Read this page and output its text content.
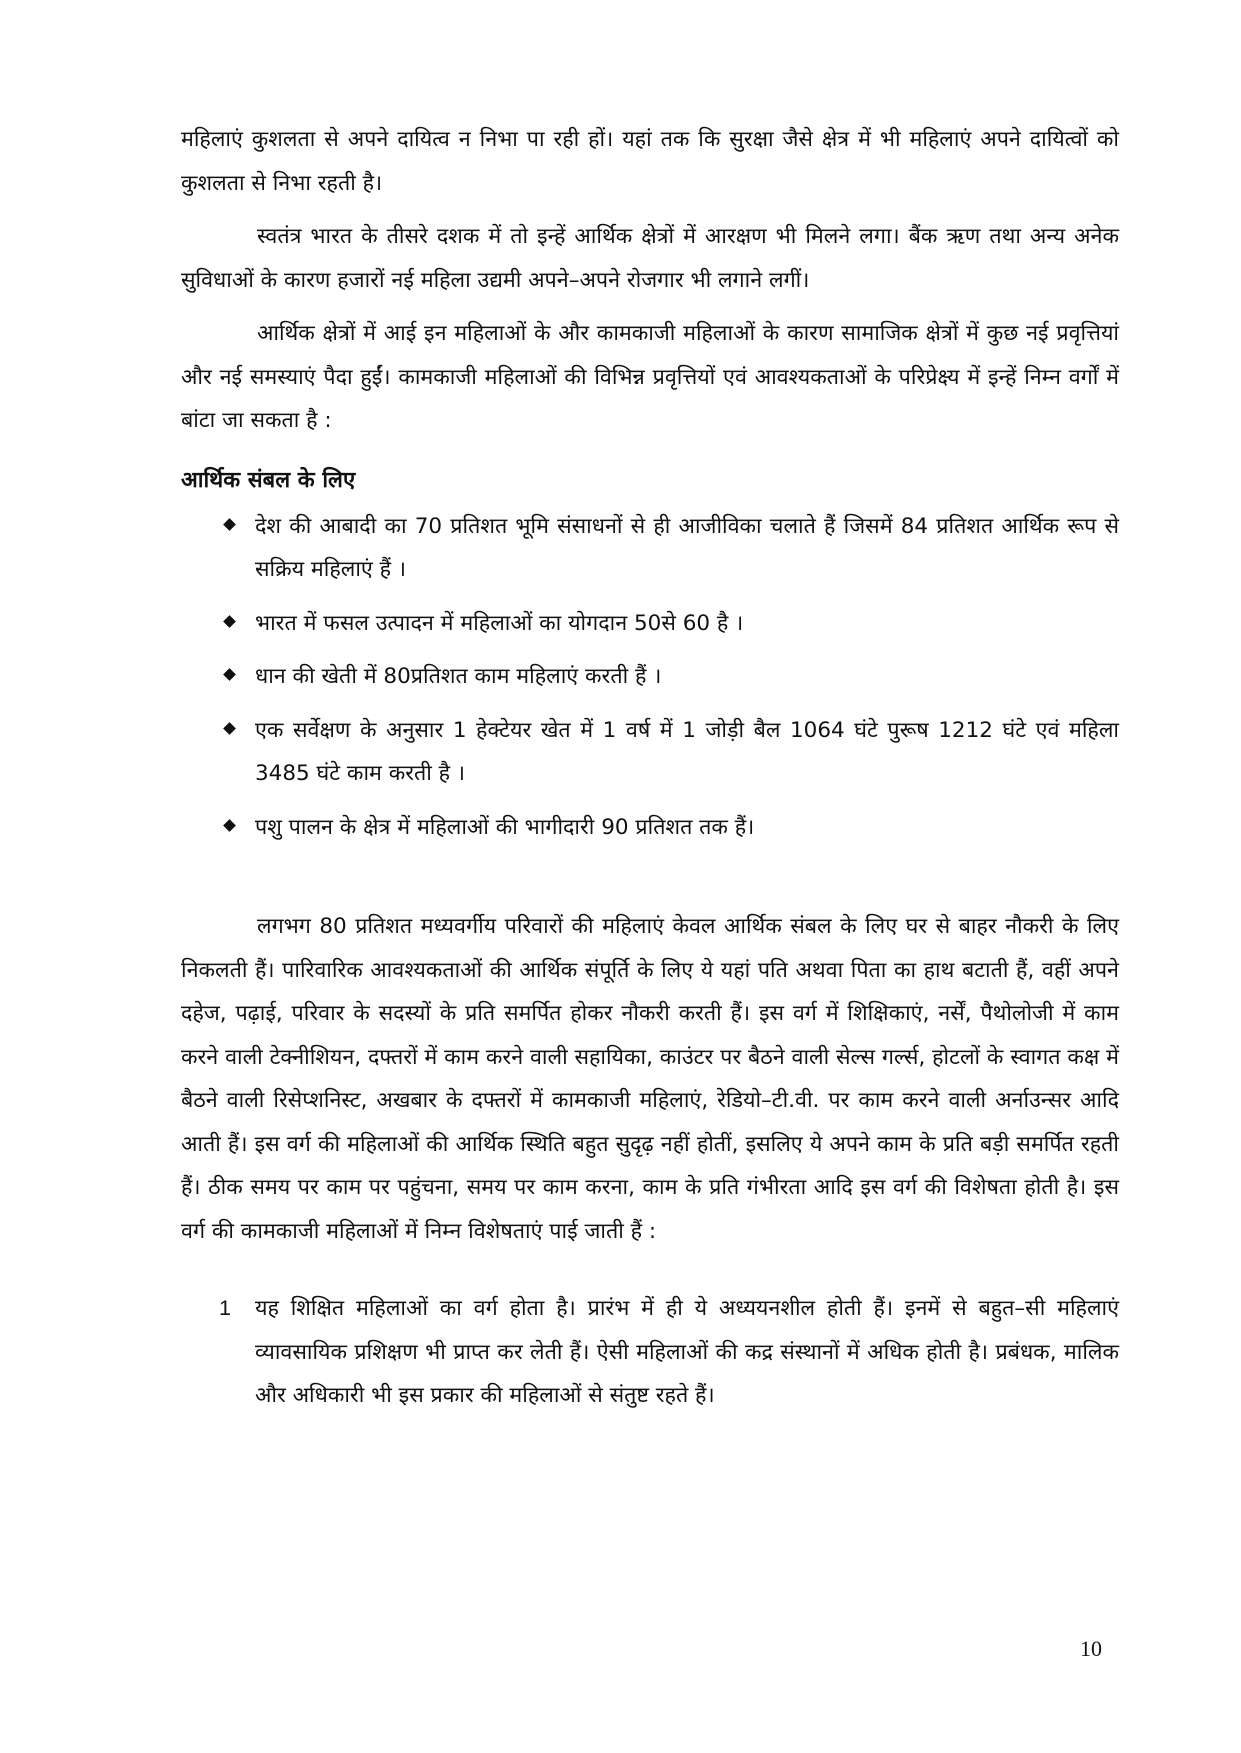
महिलाएं कुशलता से अपने दायित्व न निभा पा रही हों। यहां तक कि सुरक्षा जैसे क्षेत्र में भी महिलाएं अपने दायित्वों को कुशलता से निभा रहती है।

स्वतंत्र भारत के तीसरे दशक में तो इन्हें आर्थिक क्षेत्रों में आरक्षण भी मिलने लगा। बैंक ऋण तथा अन्य अनेक सुविधाओं के कारण हजारों नई महिला उद्यमी अपने–अपने रोजगार भी लगाने लगीं।

आर्थिक क्षेत्रों में आई इन महिलाओं के और कामकाजी महिलाओं के कारण सामाजिक क्षेत्रों में कुछ नई प्रवृत्तियां और नई समस्याएं पैदा हुईं। कामकाजी महिलाओं की विभिन्न प्रवृत्तियों एवं आवश्यकताओं के परिप्रेक्ष्य में इन्हें निम्न वर्गों में बांटा जा सकता है :

आर्थिक संबल के लिए
देश की आबादी का 70 प्रतिशत भूमि संसाधनों से ही आजीविका चलाते हैं जिसमें 84 प्रतिशत आर्थिक रूप से सक्रिय महिलाएं हैं ।
भारत में फसल उत्पादन में महिलाओं का योगदान 50से 60 है ।
धान की खेती में 80प्रतिशत काम महिलाएं करती हैं ।
एक सर्वेक्षण के अनुसार 1 हेक्टेयर खेत में 1 वर्ष में 1 जोड़ी बैल 1064 घंटे पुरूष 1212 घंटे एवं महिला 3485 घंटे काम करती है ।
पशु पालन के क्षेत्र में महिलाओं की भागीदारी 90 प्रतिशत तक हैं।

लगभग 80 प्रतिशत मध्यवर्गीय परिवारों की महिलाएं केवल आर्थिक संबल के लिए घर से बाहर नौकरी के लिए निकलती हैं। पारिवारिक आवश्यकताओं की आर्थिक संपूर्ति के लिए ये यहां पति अथवा पिता का हाथ बटाती हैं, वहीं अपने दहेज, पढ़ाई, परिवार के सदस्यों के प्रति समर्पित होकर नौकरी करती हैं। इस वर्ग में शिक्षिकाएं, नर्सें, पैथोलोजी में काम करने वाली टेक्नीशियन, दफ्तरों में काम करने वाली सहायिका, काउंटर पर बैठने वाली सेल्स गर्ल्स, होटलों के स्वागत कक्ष में बैठने वाली रिसेप्शनिस्ट, अखबार के दफ्तरों में कामकाजी महिलाएं, रेडियो–टी.वी. पर काम करने वाली अर्नाउन्सर आदि आती हैं। इस वर्ग की महिलाओं की आर्थिक स्थिति बहुत सुदृढ़ नहीं होतीं, इसलिए ये अपने काम के प्रति बड़ी समर्पित रहती हैं। ठीक समय पर काम पर पहुंचना, समय पर काम करना, काम के प्रति गंभीरता आदि इस वर्ग की विशेषता होती है। इस वर्ग की कामकाजी महिलाओं में निम्न विशेषताएं पाई जाती हैं :

1 यह शिक्षित महिलाओं का वर्ग होता है। प्रारंभ में ही ये अध्ययनशील होती हैं। इनमें से बहुत–सी महिलाएं व्यावसायिक प्रशिक्षण भी प्राप्त कर लेती हैं। ऐसी महिलाओं की कद्र संस्थानों में अधिक होती है। प्रबंधक, मालिक और अधिकारी भी इस प्रकार की महिलाओं से संतुष्ट रहते हैं।
10
